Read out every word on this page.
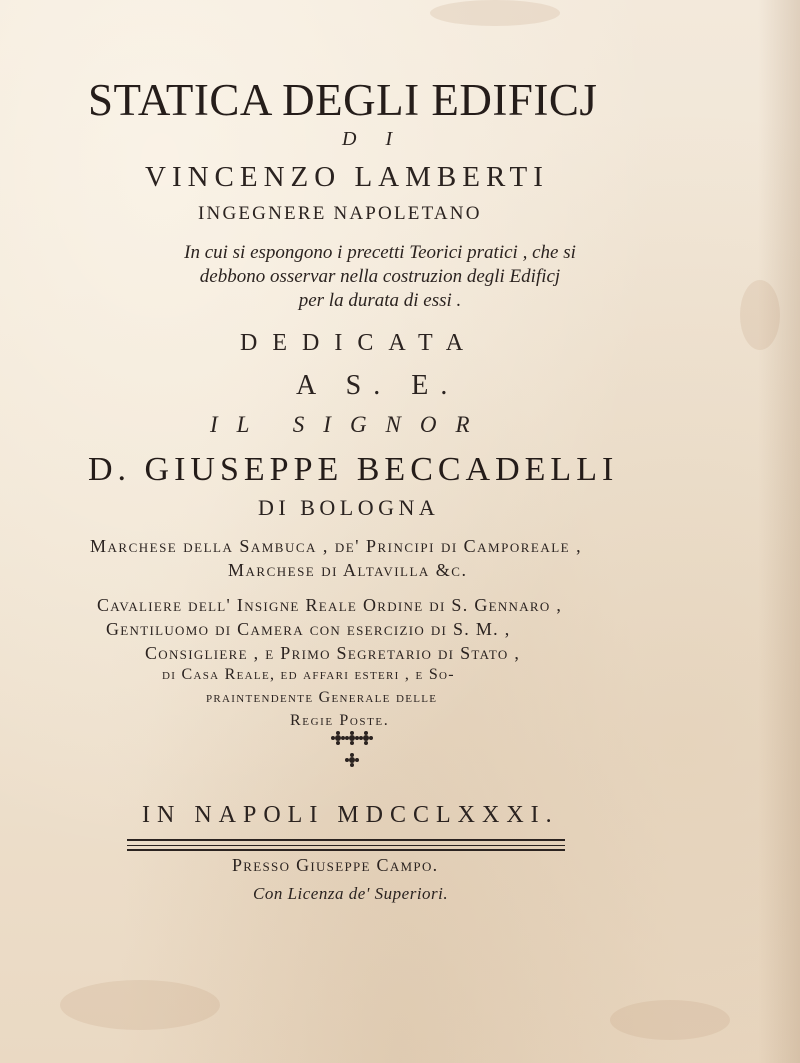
STATICA DEGLI EDIFICJ
D I
VINCENZO LAMBERTI
INGEGNERE NAPOLETANO
In cui si espongono i precetti Teorici pratici , che si
debbono osservar nella costruzion degli Edificj
per la durata di essi .
DEDICATA
A S. E.
IL SIGNOR
D. GIUSEPPE BECCADELLI
DI BOLOGNA
Marchese della Sambuca , de' Principi di Camporeale ,
Marchese di Altavilla &c.
Cavaliere dell' Insigne Reale Ordine di S. Gennaro ,
Gentiluomo di Camera con esercizio di S. M. ,
Consigliere , e Primo Segretario di Stato ,
di Casa Reale, ed affari esteri , e So-
praintendente Generale delle
Regie Poste.
IN NAPOLI MDCCLXXXI.
Presso Giuseppe Campo.
Con Licenza de' Superiori.
